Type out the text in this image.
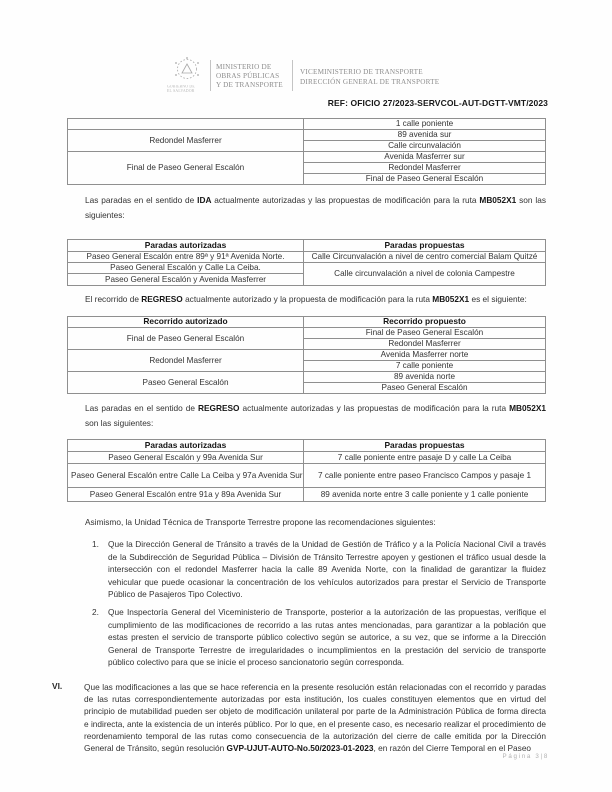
GOBIERNO DE
EL SALVADOR
MINISTERIO DE
OBRAS PÚBLICAS
Y DE TRANSPORTE
VICEMINISTERIO DE TRANSPORTE
DIRECCIÓN GENERAL DE TRANSPORTE
REF: OFICIO 27/2023-SERVCOL-AUT-DGTT-VMT/2023
	1 calle poniente
Redondel Masferrer	89 avenida sur
	Calle circunvalación
Final de Paseo General Escalón	Avenida Masferrer sur
	Redondel Masferrer
	Final de Paseo General Escalón
Las paradas en el sentido de IDA actualmente autorizadas y las propuestas de modificación para la ruta MB052X1 son las siguientes:
Paradas autorizadas	Paradas propuestas
Paseo General Escalón entre 89ª y 91ª Avenida Norte.	Calle Circunvalación a nivel de centro comercial Balam Quitzé
Paseo General Escalón y Calle La Ceiba.	Calle circunvalación a nivel de colonia Campestre
Paseo General Escalón y Avenida Masferrer	
El recorrido de REGRESO actualmente autorizado y la propuesta de modificación para la ruta MB052X1 es el siguiente:
Recorrido autorizado	Recorrido propuesto
Final de Paseo General Escalón	Final de Paseo General Escalón
	Redondel Masferrer
Redondel Masferrer	Avenida Masferrer norte
	7 calle poniente
Paseo General Escalón	89 avenida norte
	Paseo General Escalón
Las paradas en el sentido de REGRESO actualmente autorizadas y las propuestas de modificación para la ruta MB052X1 son las siguientes:
Paradas autorizadas	Paradas propuestas
Paseo General Escalón y 99a Avenida Sur	7 calle poniente entre pasaje D y calle La Ceiba
Paseo General Escalón entre Calle La Ceiba y 97a Avenida Sur	7 calle poniente entre paseo Francisco Campos y pasaje 1
Paseo General Escalón entre 91a y 89a Avenida Sur	89 avenida norte entre 3 calle poniente y 1 calle poniente
Asimismo, la Unidad Técnica de Transporte Terrestre propone las recomendaciones siguientes:
1.	Que la Dirección General de Tránsito a través de la Unidad de Gestión de Tráfico y a la Policía Nacional Civil a través de la Subdirección de Seguridad Pública – División de Tránsito Terrestre apoyen y gestionen el tráfico usual desde la intersección con el redondel Masferrer hacia la calle 89 Avenida Norte, con la finalidad de garantizar la fluidez vehicular que puede ocasionar la concentración de los vehículos autorizados para prestar el Servicio de Transporte Público de Pasajeros Tipo Colectivo.
2.	Que Inspectoría General del Viceministerio de Transporte, posterior a la autorización de las propuestas, verifique el cumplimiento de las modificaciones de recorrido a las rutas antes mencionadas, para garantizar a la población que estas presten el servicio de transporte público colectivo según se autorice, a su vez, que se informe a la Dirección General de Transporte Terrestre de irregularidades o incumplimientos en la prestación del servicio de transporte público colectivo para que se inicie el proceso sancionatorio según corresponda.
VI.	Que las modificaciones a las que se hace referencia en la presente resolución están relacionadas con el recorrido y paradas de las rutas correspondientemente autorizadas por esta institución, los cuales constituyen elementos que en virtud del principio de mutabilidad pueden ser objeto de modificación unilateral por parte de la Administración Pública de forma directa e indirecta, ante la existencia de un interés público. Por lo que, en el presente caso, es necesario realizar el procedimiento de reordenamiento temporal de las rutas como consecuencia de la autorización del cierre de calle emitida por la Dirección General de Tránsito, según resolución GVP-UJUT-AUTO-No.50/2023-01-2023, en razón del Cierre Temporal en el Paseo
Página 3|8
